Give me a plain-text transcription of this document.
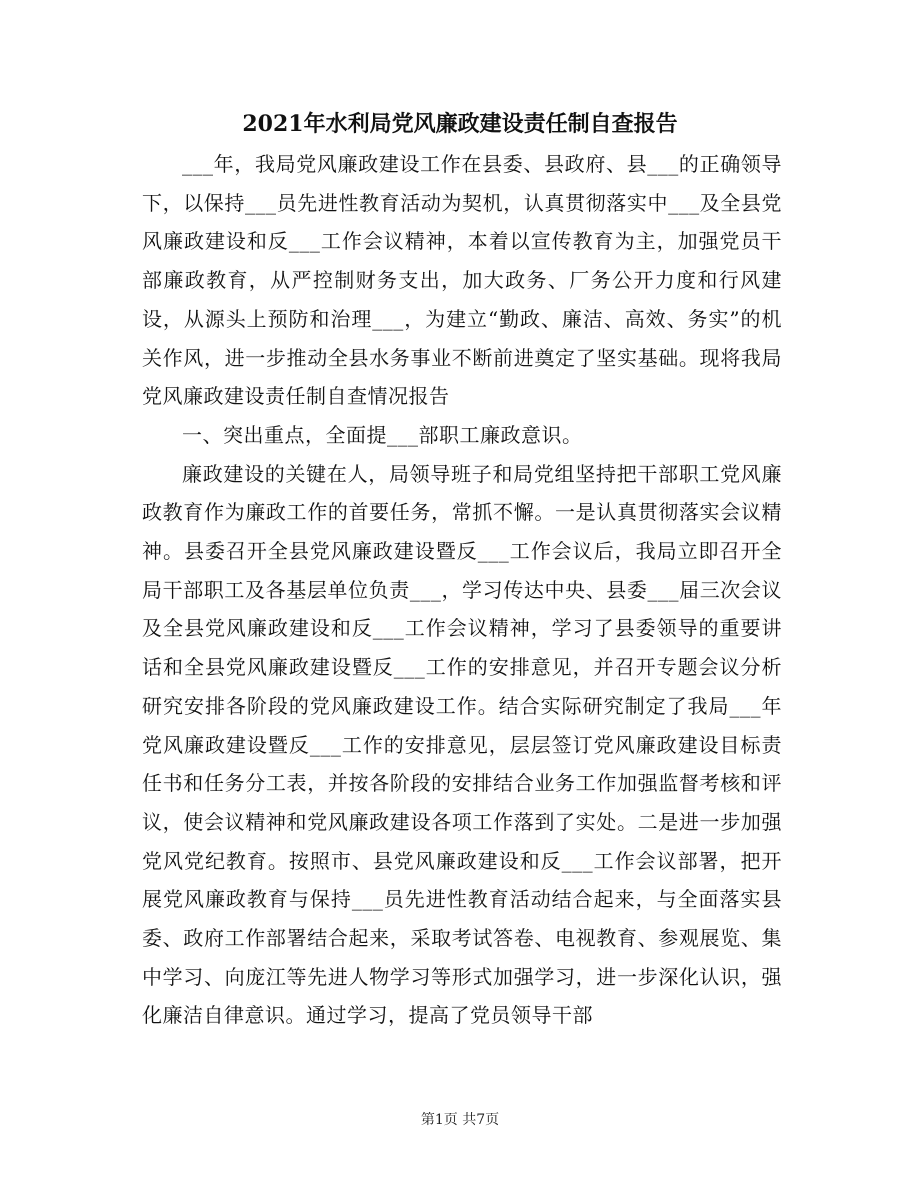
2021年水利局党风廉政建设责任制自查报告

___年，我局党风廉政建设工作在县委、县政府、县___的正确领导下，以保持___员先进性教育活动为契机，认真贯彻落实中___及全县党风廉政建设和反___工作会议精神，本着以宣传教育为主，加强党员干部廉政教育，从严控制财务支出，加大政务、厂务公开力度和行风建设，从源头上预防和治理___，为建立“勤政、廉洁、高效、务实”的机关作风，进一步推动全县水务事业不断前进奠定了坚实基础。现将我局党风廉政建设责任制自查情况报告

一、突出重点，全面提___部职工廉政意识。

廉政建设的关键在人，局领导班子和局党组坚持把干部职工党风廉政教育作为廉政工作的首要任务，常抓不懈。一是认真贯彻落实会议精神。县委召开全县党风廉政建设暨反___工作会议后，我局立即召开全局干部职工及各基层单位负责___，学习传达中央、县委___届三次会议及全县党风廉政建设和反___工作会议精神，学习了县委领导的重要讲话和全县党风廉政建设暨反___工作的安排意见，并召开专题会议分析研究安排各阶段的党风廉政建设工作。结合实际研究制定了我局___年党风廉政建设暨反___工作的安排意见，层层签订党风廉政建设目标责任书和任务分工表，并按各阶段的安排结合业务工作加强监督考核和评议，使会议精神和党风廉政建设各项工作落到了实处。二是进一步加强党风党纪教育。按照市、县党风廉政建设和反___工作会议部署，把开展党风廉政教育与保持___员先进性教育活动结合起来，与全面落实县委、政府工作部署结合起来，采取考试答卷、电视教育、参观展览、集中学习、向庞江等先进人物学习等形式加强学习，进一步深化认识，强化廉洁自律意识。通过学习，提高了党员领导干部

第1页 共7页
